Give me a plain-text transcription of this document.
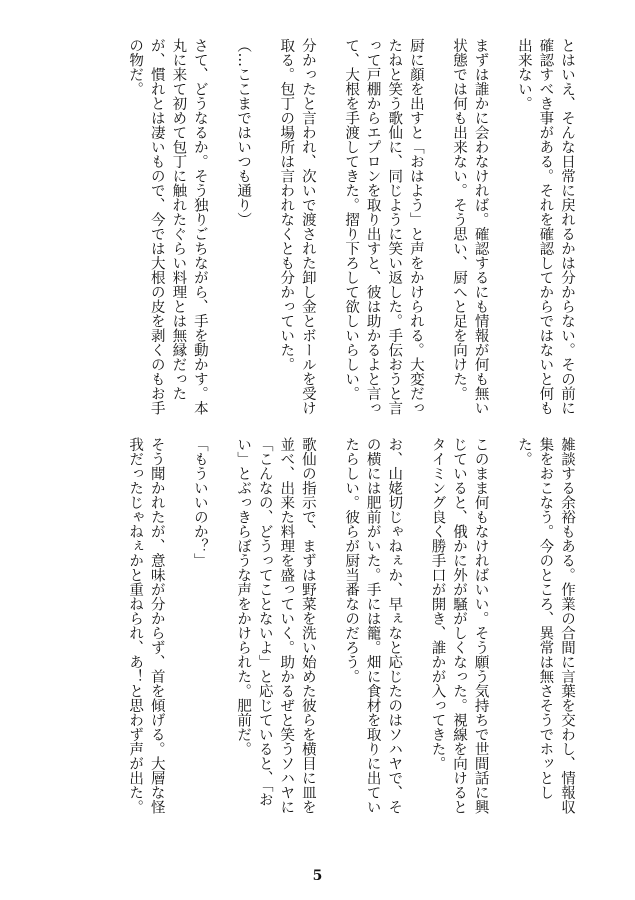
とはいえ、そんな日常に戻れるかは分からない。その前に確認すべき事がある。それを確認してからではないと何も出来ない。
まずは誰かに会わなければ。確認するにも情報が何も無い状態では何も出来ない。そう思い、厨へと足を向けた。
厨に顔を出すと「おはよう」と声をかけられる。大変だったねと笑う歌仙に、同じように笑い返した。手伝おうと言って戸棚からエプロンを取り出すと、彼は助かるよと言って、大根を手渡してきた。摺り下ろして欲しいらしい。
分かったと言われ、次いで渡された卸し金とボールを受け取る。包丁の場所は言われなくとも分かっていた。
（…ここまではいつも通り）
さて、どうなるか。そう独りごちながら、手を動かす。本丸に来て初めて包丁に触れたぐらい料理とは無縁だったが、慣れとは凄いもので、今では大根の皮を剥くのもお手の物だ。
雑談する余裕もある。作業の合間に言葉を交わし、情報収集をおこなう。今のところ、異常は無さそうでホッとした。
このまま何もなければいい。そう願う気持ちで世間話に興じていると、俄かに外が騒がしくなった。視線を向けるとタイミング良く勝手口が開き、誰かが入ってきた。
お、山姥切じゃねぇか、早ぇなと応じたのはソハヤで、その横には肥前がいた。手には籠。畑に食材を取りに出ていたらしい。彼らが厨当番なのだろう。
歌仙の指示で、まずは野菜を洗い始めた彼らを横目に皿を並べ、出来た料理を盛っていく。助かるぜと笑うソハヤに「こんなの、どうってことないよ」と応じていると、「おい」とぶっきらぼうな声をかけられた。肥前だ。
「もういいのか？」
そう聞かれたが、意味が分からず、首を傾げる。大層な怪我だったじゃねぇかと重ねられ、あ！と思わず声が出た。
5
